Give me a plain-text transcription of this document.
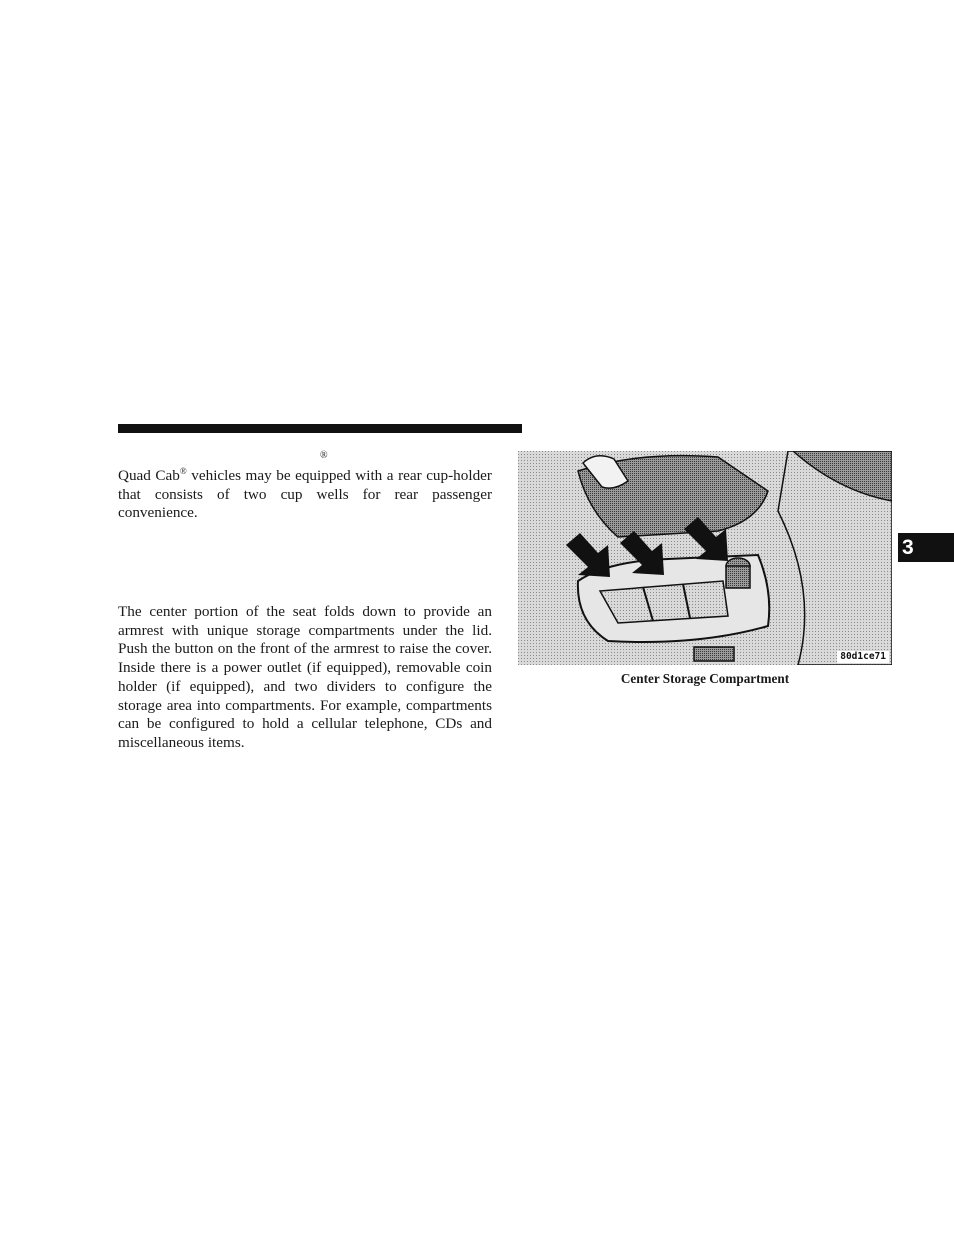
®

Quad Cab® vehicles may be equipped with a rear cup-holder that consists of two cup wells for rear passenger convenience.

The center portion of the seat folds down to provide an armrest with unique storage compartments under the lid. Push the button on the front of the armrest to raise the cover. Inside there is a power outlet (if equipped), removable coin holder (if equipped), and two dividers to configure the storage area into compartments. For example, compartments can be configured to hold a cellular telephone, CDs and miscellaneous items.

80d1ce71
Center Storage Compartment
3
